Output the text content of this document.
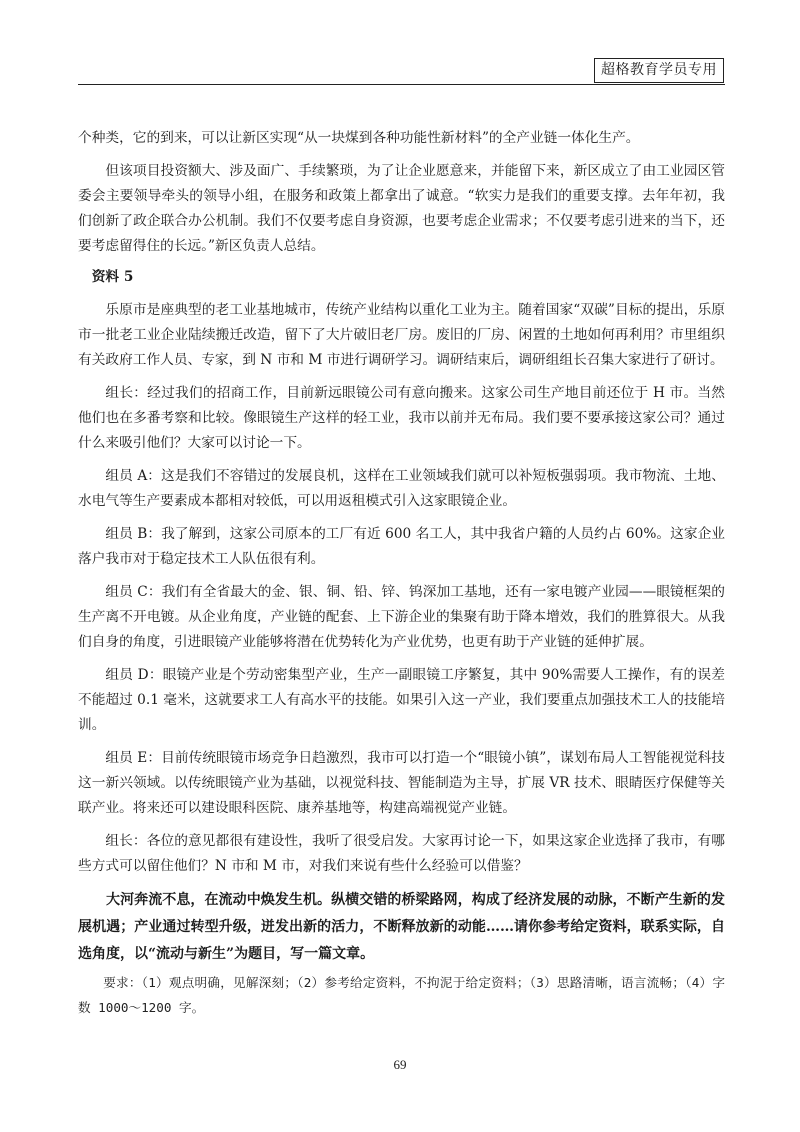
超格教育学员专用

个种类，它的到来，可以让新区实现“从一块煤到各种功能性新材料”的全产业链一体化生产。

但该项目投资额大、涉及面广、手续繁琐，为了让企业愿意来，并能留下来，新区成立了由工业园区管委会主要领导牵头的领导小组，在服务和政策上都拿出了诚意。“软实力是我们的重要支撑。去年年初，我们创新了政企联合办公机制。我们不仅要考虑自身资源，也要考虑企业需求；不仅要考虑引进来的当下，还要考虑留得住的长远。”新区负责人总结。

资料 5

乐原市是座典型的老工业基地城市，传统产业结构以重化工业为主。随着国家“双碳”目标的提出，乐原市一批老工业企业陆续搬迁改造，留下了大片破旧老厂房。废旧的厂房、闲置的土地如何再利用？市里组织有关政府工作人员、专家，到 N 市和 M 市进行调研学习。调研结束后，调研组组长召集大家进行了研讨。

组长：经过我们的招商工作，目前新远眼镜公司有意向搬来。这家公司生产地目前还位于 H 市。当然他们也在多番考察和比较。像眼镜生产这样的轻工业，我市以前并无布局。我们要不要承接这家公司？通过什么来吸引他们？大家可以讨论一下。

组员 A：这是我们不容错过的发展良机，这样在工业领域我们就可以补短板强弱项。我市物流、土地、水电气等生产要素成本都相对较低，可以用返租模式引入这家眼镜企业。

组员 B：我了解到，这家公司原本的工厂有近 600 名工人，其中我省户籍的人员约占 60%。这家企业落户我市对于稳定技术工人队伍很有利。

组员 C：我们有全省最大的金、银、铜、铅、锌、钨深加工基地，还有一家电镀产业园——眼镜框架的生产离不开电镀。从企业角度，产业链的配套、上下游企业的集聚有助于降本增效，我们的胜算很大。从我们自身的角度，引进眼镜产业能够将潜在优势转化为产业优势，也更有助于产业链的延伸扩展。

组员 D：眼镜产业是个劳动密集型产业，生产一副眼镜工序繁复，其中 90%需要人工操作，有的误差不能超过 0.1 毫米，这就要求工人有高水平的技能。如果引入这一产业，我们要重点加强技术工人的技能培训。

组员 E：目前传统眼镜市场竞争日趋激烈，我市可以打造一个“眼镜小镇”，谋划布局人工智能视觉科技这一新兴领域。以传统眼镜产业为基础，以视觉科技、智能制造为主导，扩展 VR 技术、眼睛医疗保健等关联产业。将来还可以建设眼科医院、康养基地等，构建高端视觉产业链。

组长：各位的意见都很有建设性，我听了很受启发。大家再讨论一下，如果这家企业选择了我市，有哪些方式可以留住他们？N 市和 M 市，对我们来说有些什么经验可以借鉴？

大河奔流不息，在流动中焕发生机。纵横交错的桥梁路网，构成了经济发展的动脉，不断产生新的发展机遇；产业通过转型升级，迸发出新的活力，不断释放新的动能……请你参考给定资料，联系实际，自选角度，以“流动与新生”为题目，写一篇文章。

要求：（1）观点明确，见解深刻；（2）参考给定资料，不拘泥于给定资料；（3）思路清晰，语言流畅；（4）字数 1000～1200 字。

69
